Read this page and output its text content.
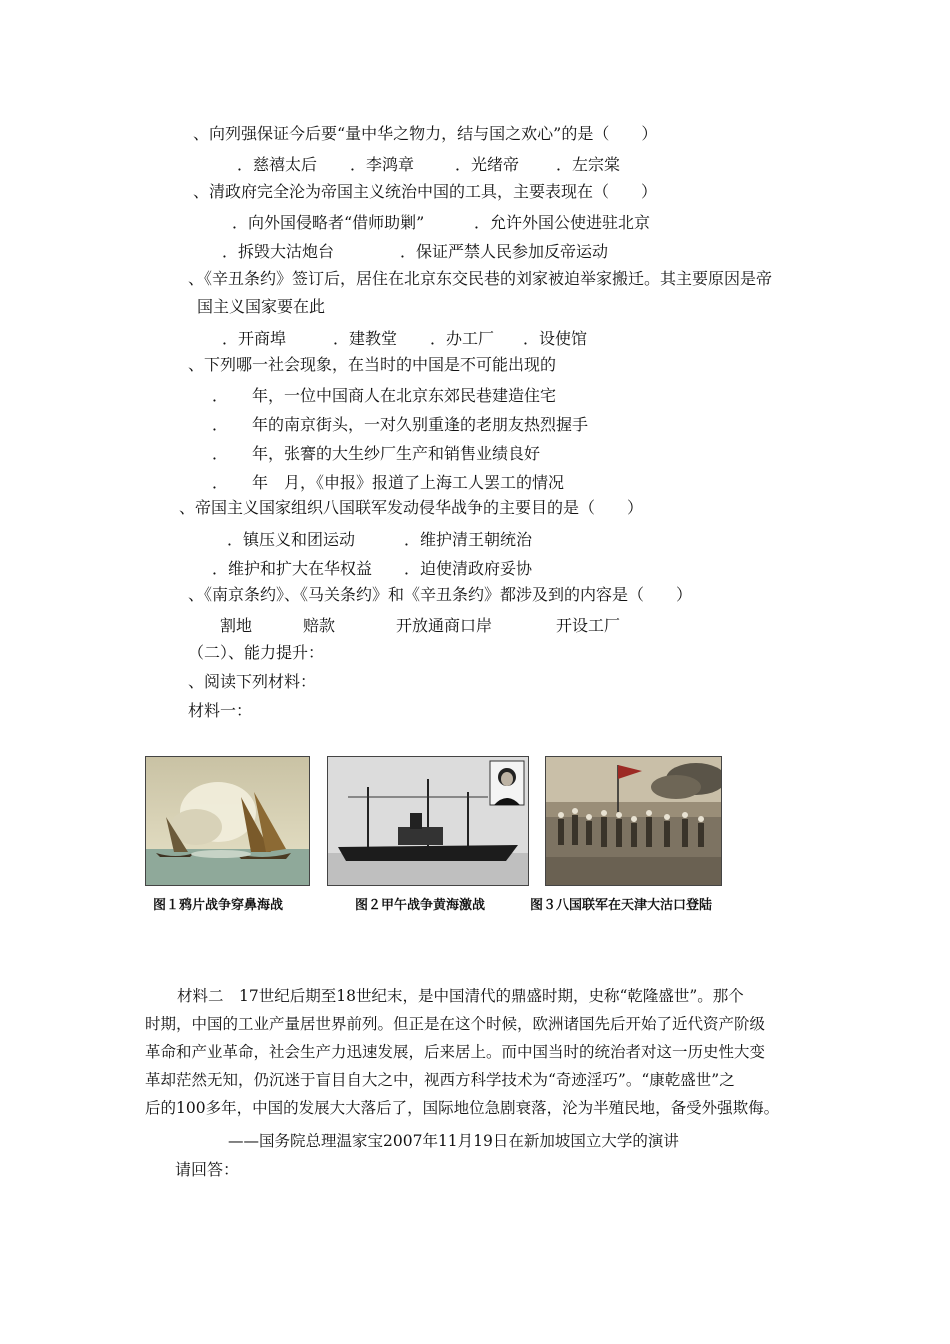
、向列强保证今后要“量中华之物力，结与国之欢心”的是（　　）
．慈禧太后 ．李鸿章	．光绪帝 ．左宗棠
、清政府完全沦为帝国主义统治中国的工具，主要表现在（　　）
．向外国侵略者“借师助剿”	．允许外国公使进驻北京
．拆毁大沽炮台	．保证严禁人民参加反帝运动
、《辛丑条约》签订后，居住在北京东交民巷的刘家被迫举家搬迁。其主要原因是帝
国主义国家要在此
．开商埠	．建教堂 ．办工厂 ．设使馆
、下列哪一社会现象，在当时的中国是不可能出现的
．　　年，一位中国商人在北京东郊民巷建造住宅
．　　年的南京街头，一对久别重逢的老朋友热烈握手
．　　年，张謇的大生纱厂生产和销售业绩良好
．　　年　月，《申报》报道了上海工人罢工的情况
、帝国主义国家组织八国联军发动侵华战争的主要目的是（　　）
．镇压义和团运动	．维护清王朝统治
．维护和扩大在华权益 ．迫使清政府妥协
、《南京条约》、《马关条约》和《辛丑条约》都涉及到的内容是（　　）
割地	赔款	开放通商口岸	开设工厂
（二）、能力提升：
、阅读下列材料：
材料一：
图１鸦片战争穿鼻海战	图２甲午战争黄海激战	图３八国联军在天津大沽口登陆

材料二　17世纪后期至18世纪末，是中国清代的鼎盛时期，史称“乾隆盛世”。那个

时期，中国的工业产量居世界前列。但正是在这个时候，欧洲诸国先后开始了近代资产阶级

革命和产业革命，社会生产力迅速发展，后来居上。而中国当时的统治者对这一历史性大变

革却茫然无知，仍沉迷于盲目自大之中，视西方科学技术为“奇迹淫巧”。“康乾盛世”之

后的100多年，中国的发展大大落后了，国际地位急剧衰落，沦为半殖民地，备受外强欺侮。

——国务院总理温家宝2007年11月19日在新加坡国立大学的演讲
请回答：
